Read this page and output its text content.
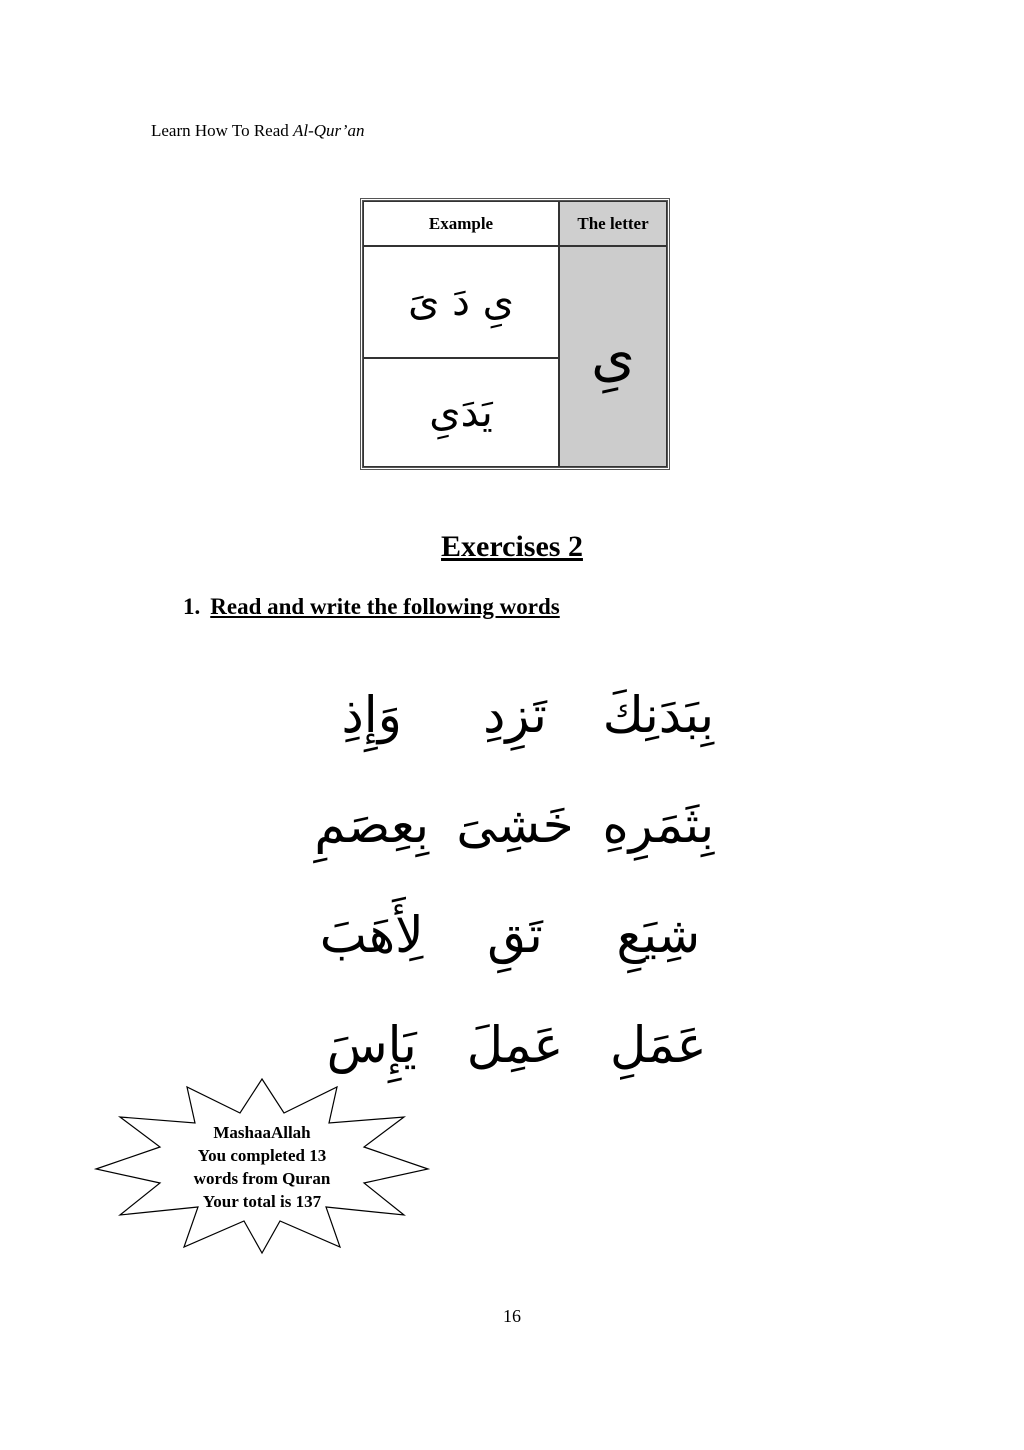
Learn How To Read Al-Qur’an
Example	The letter
یِ دَ یَ
يَدَیِ
یِ
Exercises 2
1. Read and write the following words
بِبَدَنِكَ
تَزِدِ
وَإِذِ
بِثَمَرِهِ
خَشِىَ
بِعِصَمِ
شِيَعِ
تَقِ
لِأَهَبَ
عَمَلِ
عَمِلَ
يَإِسَ
MashaaAllah
You completed 13
words from Quran
Your total is 137
16
